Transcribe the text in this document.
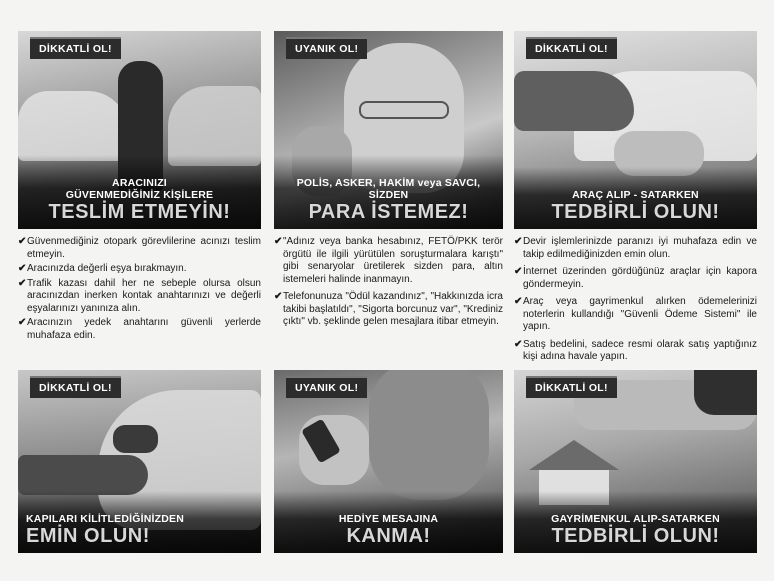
DİKKATLİ OL!
ARACINIZI
GÜVENMEDİĞİNİZ KİŞİLERE
TESLİM ETMEYİN!
UYANIK OL!
POLİS, ASKER, HAKİM veya SAVCI, SİZDEN
PARA İSTEMEZ!
DİKKATLİ OL!
ARAÇ ALIP - SATARKEN
TEDBİRLİ OLUN!
✔ Güvenmediğiniz otopark görevlilerine acınızı teslim etmeyin.
✔ Aracınızda değerli eşya bırakmayın.
✔ Trafik kazası dahil her ne sebeple olursa olsun aracınızdan inerken kontak anahtarınızı ve değerli eşyalarınızı yanınıza alın.
✔ Aracınızın yedek anahtarını güvenli yerlerde muhafaza edin.
✔ "Adınız veya banka hesabınız, FETÖ/PKK terör örgütü ile ilgili yürütülen soruşturmalara karıştı" gibi senaryolar üretilerek sizden para, altın istemeleri halinde inanmayın.
✔ Telefonunuza "Ödül kazandınız", "Hakkınızda icra takibi başlatıldı", "Sigorta borcunuz var", "Krediniz çıktı" vb. şeklinde gelen mesajlara itibar etmeyin.
✔ Devir işlemlerinizde paranızı iyi muhafaza edin ve takip edilmediğinizden emin olun.
✔ İnternet üzerinden gördüğünüz araçlar için kapora göndermeyin.
✔ Araç veya gayrimenkul alırken ödemelerinizi noterlerin kullandığı "Güvenli Ödeme Sistemi" ile yapın.
✔ Satış bedelini, sadece resmi olarak satış yaptığınız kişi adına havale yapın.
DİKKATLİ OL!
KAPILARI KİLİTLEDİĞİNİZDEN
EMİN OLUN!
UYANIK OL!
HEDİYE MESAJINA
KANMA!
DİKKATLİ OL!
GAYRİMENKUL ALIP-SATARKEN
TEDBİRLİ OLUN!
